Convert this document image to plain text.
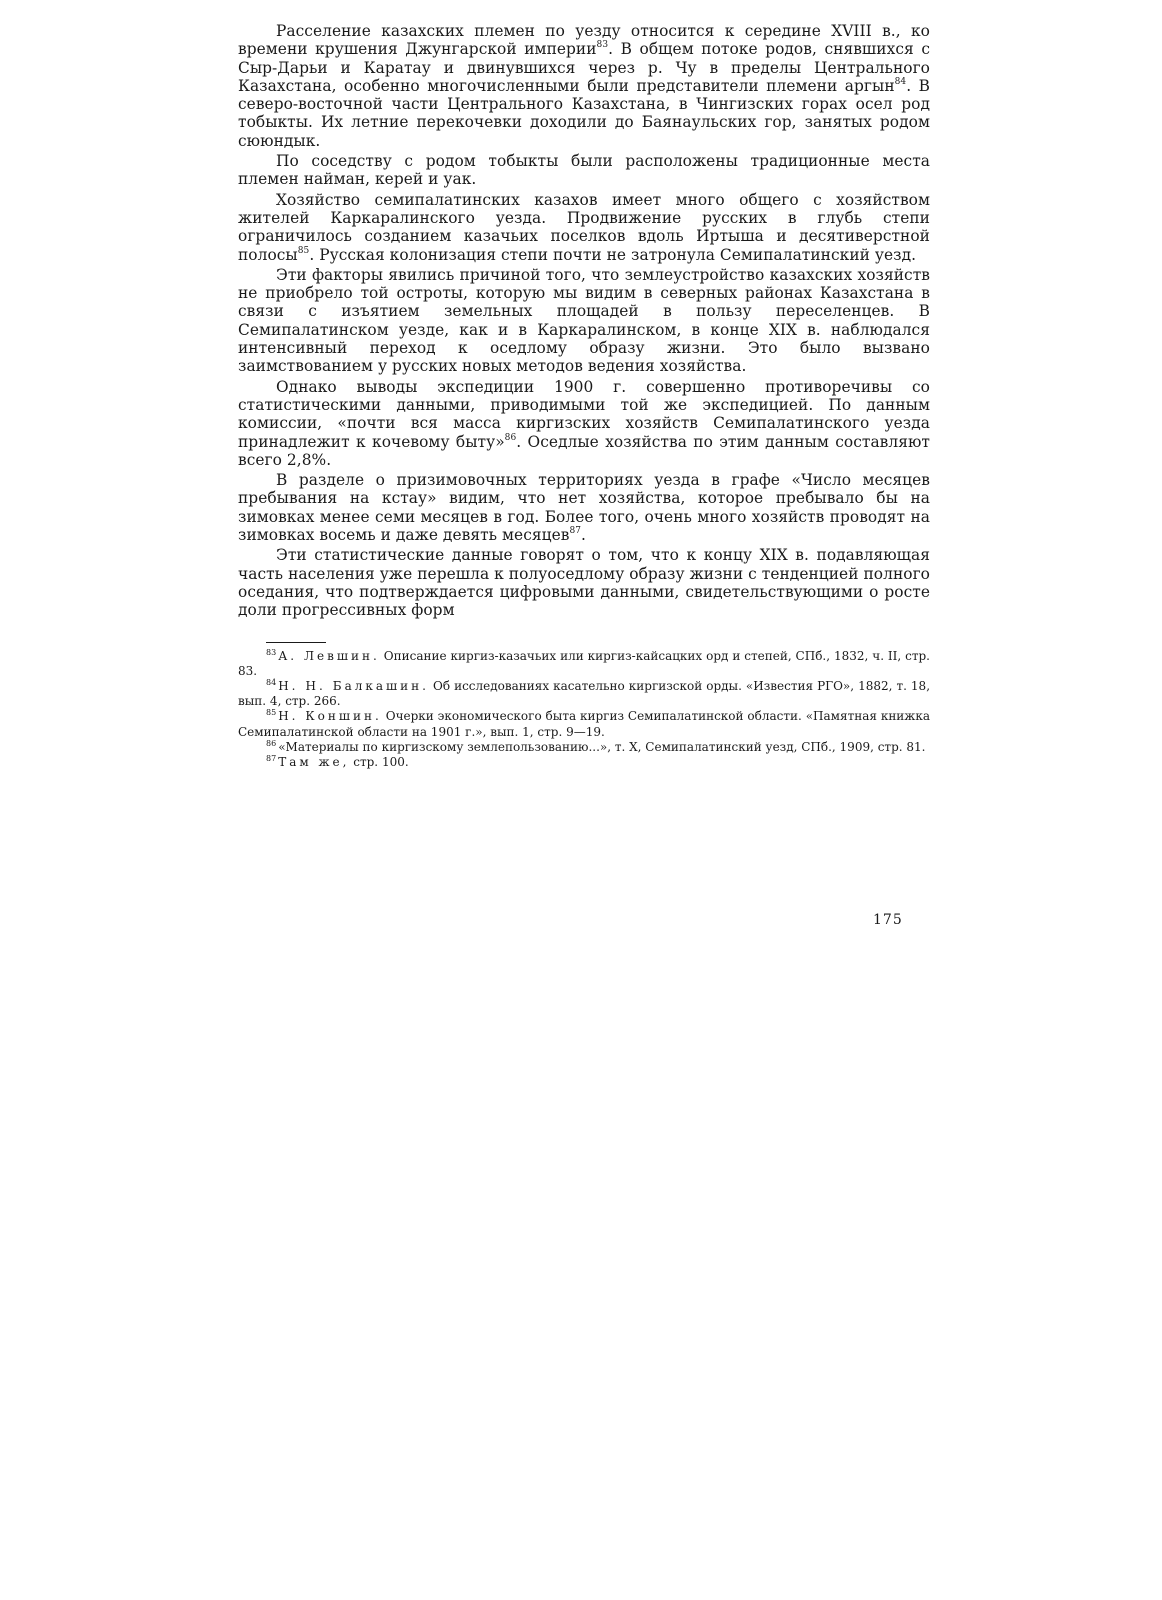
Расселение казахских племен по уезду относится к середине XVIII в., ко времени крушения Джунгарской империи$^{83}$. В общем потоке родов, снявшихся с Сыр-Дарьи и Каратау и двинувшихся через р. Чу в пределы Центрального Казахстана, особенно многочисленными были представители племени аргын$^{84}$. В северо-восточной части Центрального Казахстана, в Чингизских горах осел род тобыкты. Их летние перекочевки доходили до Баянаульских гор, занятых родом сююндык.

По соседству с родом тобыкты были расположены традиционные места племен найман, керей и уак.

Хозяйство семипалатинских казахов имеет много общего с хозяйством жителей Каркаралинского уезда. Продвижение русских в глубь степи ограничилось созданием казачьих поселков вдоль Иртыша и десятиверстной полосы$^{85}$. Русская колонизация степи почти не затронула Семипалатинский уезд.

Эти факторы явились причиной того, что землеустройство казахских хозяйств не приобрело той остроты, которую мы видим в северных районах Казахстана в связи с изъятием земельных площадей в пользу переселенцев. В Семипалатинском уезде, как и в Каркаралинском, в конце XIX в. наблюдался интенсивный переход к оседлому образу жизни. Это было вызвано заимствованием у русских новых методов ведения хозяйства.

Однако выводы экспедиции 1900 г. совершенно противоречивы со статистическими данными, приводимыми той же экспедицией. По данным комиссии, «почти вся масса киргизских хозяйств Семипалатинского уезда принадлежит к кочевому быту»$^{86}$. Оседлые хозяйства по этим данным составляют всего 2,8%.

В разделе о призимовочных территориях уезда в графе «Число месяцев пребывания на кстау» видим, что нет хозяйства, которое пребывало бы на зимовках менее семи месяцев в год. Более того, очень много хозяйств проводят на зимовках восемь и даже девять месяцев$^{87}$.

Эти статистические данные говорят о том, что к концу XIX в. подавляющая часть населения уже перешла к полуоседлому образу жизни с тенденцией полного оседания, что подтверждается цифровыми данными, свидетельствующими о росте доли прогрессивных форм

$^{83}$ А. Левшин. Описание киргиз-казачьих или киргиз-кайсацких орд и степей, СПб., 1832, ч. II, стр. 83.

$^{84}$ Н. Н. Балкашин. Об исследованиях касательно киргизской орды. «Известия РГО», 1882, т. 18, вып. 4, стр. 266.

$^{85}$ Н. Коншин. Очерки экономического быта киргиз Семипалатинской области. «Памятная книжка Семипалатинской области на 1901 г.», вып. 1, стр. 9—19.

$^{86}$ «Материалы по киргизскому землепользованию...», т. X, Семипалатинский уезд, СПб., 1909, стр. 81.

$^{87}$ Там же, стр. 100.

175
